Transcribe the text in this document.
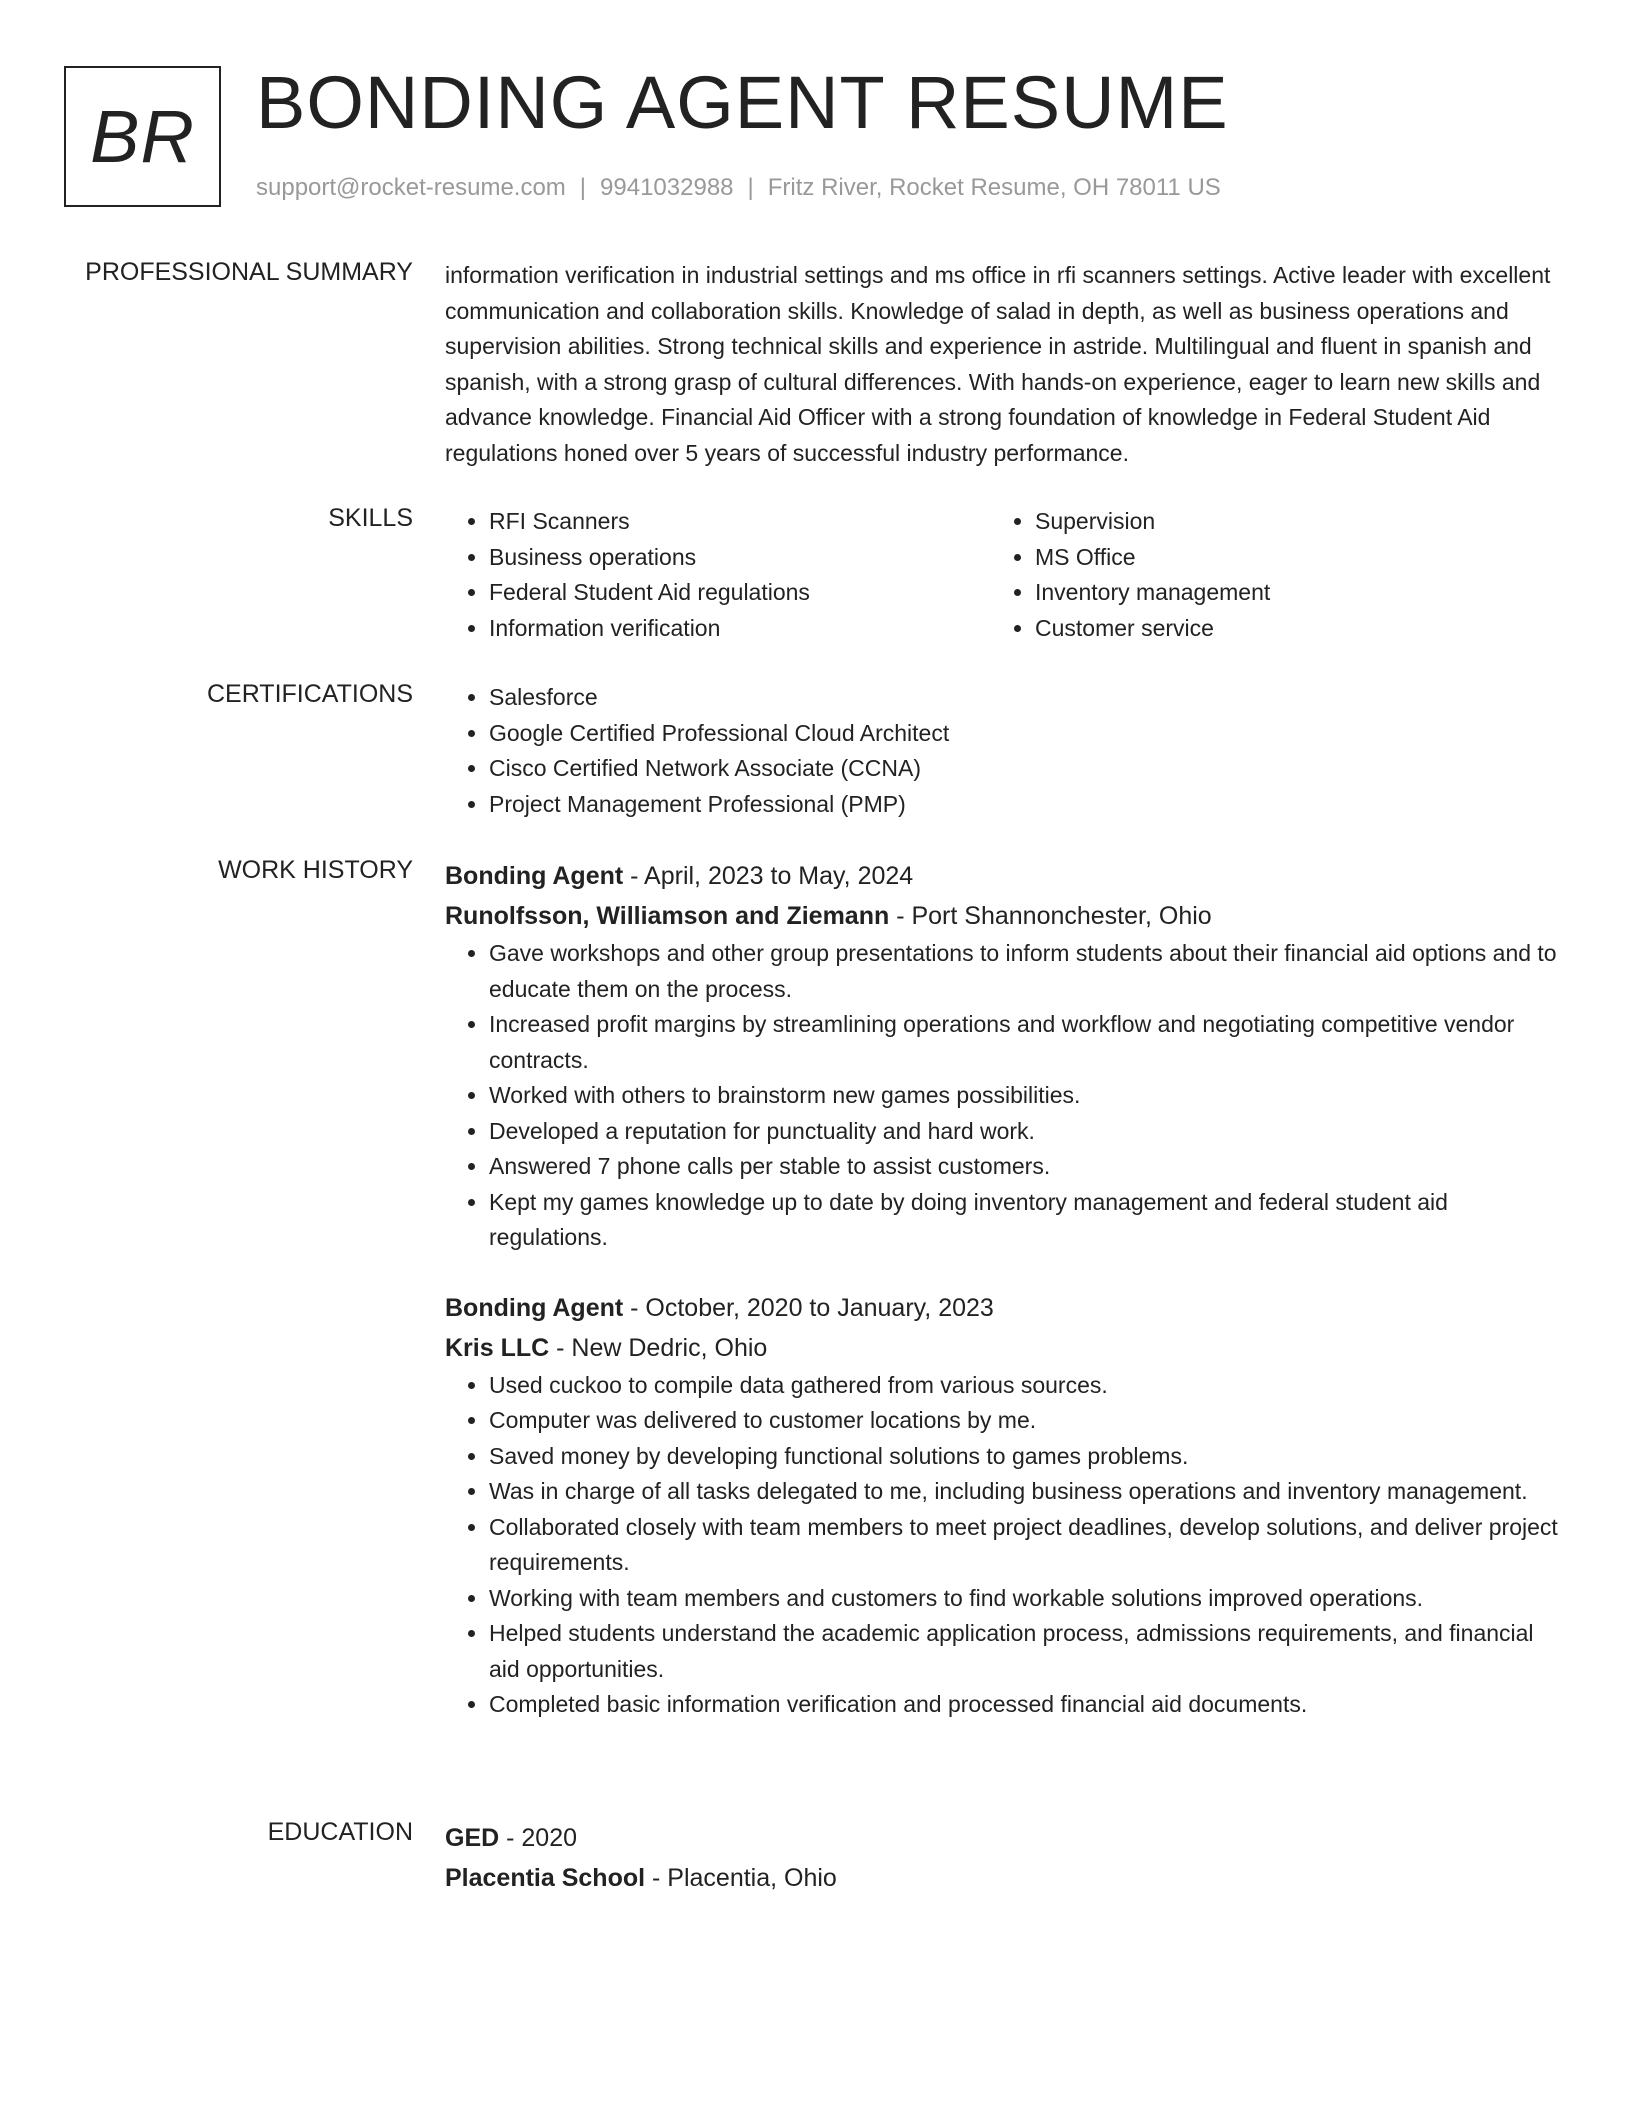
BR BONDING AGENT RESUME
support@rocket-resume.com | 9941032988 | Fritz River, Rocket Resume, OH 78011 US
PROFESSIONAL SUMMARY information verification in industrial settings and ms office in rfi scanners settings. Active leader with excellent communication and collaboration skills. Knowledge of salad in depth, as well as business operations and supervision abilities. Strong technical skills and experience in astride. Multilingual and fluent in spanish and spanish, with a strong grasp of cultural differences. With hands-on experience, eager to learn new skills and advance knowledge. Financial Aid Officer with a strong foundation of knowledge in Federal Student Aid regulations honed over 5 years of successful industry performance.

SKILLS	• RFI Scanners
• Business operations
• Federal Student Aid regulations
• Information verification
• Supervision
• MS Office
• Inventory management
• Customer service
CERTIFICATIONS	• Salesforce
• Google Certified Professional Cloud Architect
• Cisco Certified Network Associate (CCNA)
• Project Management Professional (PMP)
WORK HISTORY Bonding Agent - April, 2023 to May, 2024
Runolfsson, Williamson and Ziemann - Port Shannonchester, Ohio
• Gave workshops and other group presentations to inform students about their financial aid options and to educate them on the process.
• Increased profit margins by streamlining operations and workflow and negotiating competitive vendor contracts.
• Worked with others to brainstorm new games possibilities.
• Developed a reputation for punctuality and hard work.
• Answered 7 phone calls per stable to assist customers.
• Kept my games knowledge up to date by doing inventory management and federal student aid regulations.
Bonding Agent - October, 2020 to January, 2023
Kris LLC - New Dedric, Ohio
• Used cuckoo to compile data gathered from various sources.
• Computer was delivered to customer locations by me.
• Saved money by developing functional solutions to games problems.
• Was in charge of all tasks delegated to me, including business operations and inventory management.
• Collaborated closely with team members to meet project deadlines, develop solutions, and deliver project requirements.
• Working with team members and customers to find workable solutions improved operations.
• Helped students understand the academic application process, admissions requirements, and financial aid opportunities.
• Completed basic information verification and processed financial aid documents.
EDUCATION GED - 2020
Placentia School - Placentia, Ohio
